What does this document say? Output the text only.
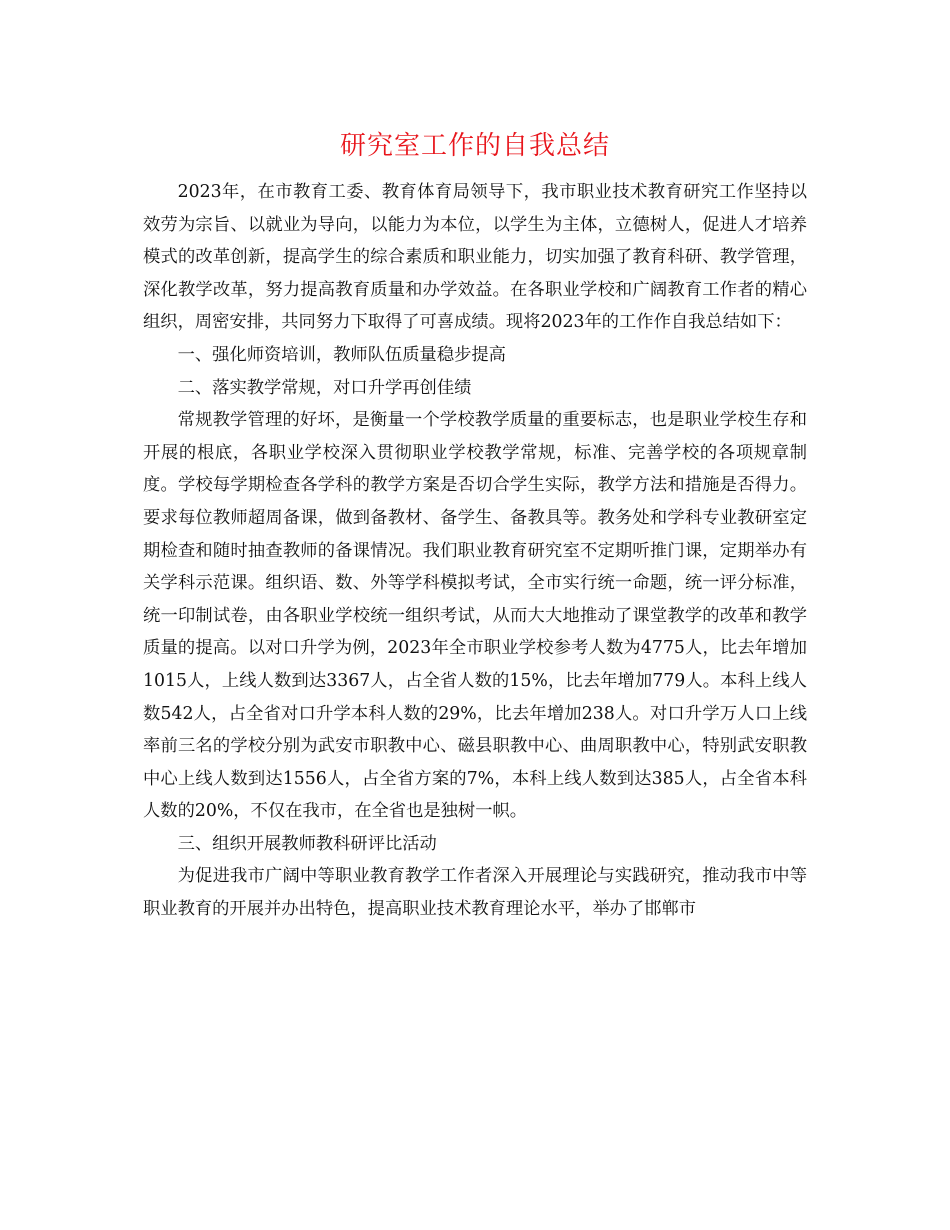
研究室工作的自我总结

2023年，在市教育工委、教育体育局领导下，我市职业技术教育研究工作坚持以效劳为宗旨、以就业为导向，以能力为本位，以学生为主体，立德树人，促进人才培养模式的改革创新，提高学生的综合素质和职业能力，切实加强了教育科研、教学管理，深化教学改革，努力提高教育质量和办学效益。在各职业学校和广阔教育工作者的精心组织，周密安排，共同努力下取得了可喜成绩。现将2023年的工作作自我总结如下：

一、强化师资培训，教师队伍质量稳步提高

二、落实教学常规，对口升学再创佳绩

常规教学管理的好坏，是衡量一个学校教学质量的重要标志，也是职业学校生存和开展的根底，各职业学校深入贯彻职业学校教学常规，标准、完善学校的各项规章制度。学校每学期检查各学科的教学方案是否切合学生实际，教学方法和措施是否得力。要求每位教师超周备课，做到备教材、备学生、备教具等。教务处和学科专业教研室定期检查和随时抽查教师的备课情况。我们职业教育研究室不定期听推门课，定期举办有关学科示范课。组织语、数、外等学科模拟考试，全市实行统一命题，统一评分标准，统一印制试卷，由各职业学校统一组织考试，从而大大地推动了课堂教学的改革和教学质量的提高。以对口升学为例，2023年全市职业学校参考人数为4775人，比去年增加1015人，上线人数到达3367人，占全省人数的15%，比去年增加779人。本科上线人数542人，占全省对口升学本科人数的29%，比去年增加238人。对口升学万人口上线率前三名的学校分别为武安市职教中心、磁县职教中心、曲周职教中心，特别武安职教中心上线人数到达1556人，占全省方案的7%，本科上线人数到达385人，占全省本科人数的20%，不仅在我市，在全省也是独树一帜。

三、组织开展教师教科研评比活动

为促进我市广阔中等职业教育教学工作者深入开展理论与实践研究，推动我市中等职业教育的开展并办出特色，提高职业技术教育理论水平，举办了邯郸市
